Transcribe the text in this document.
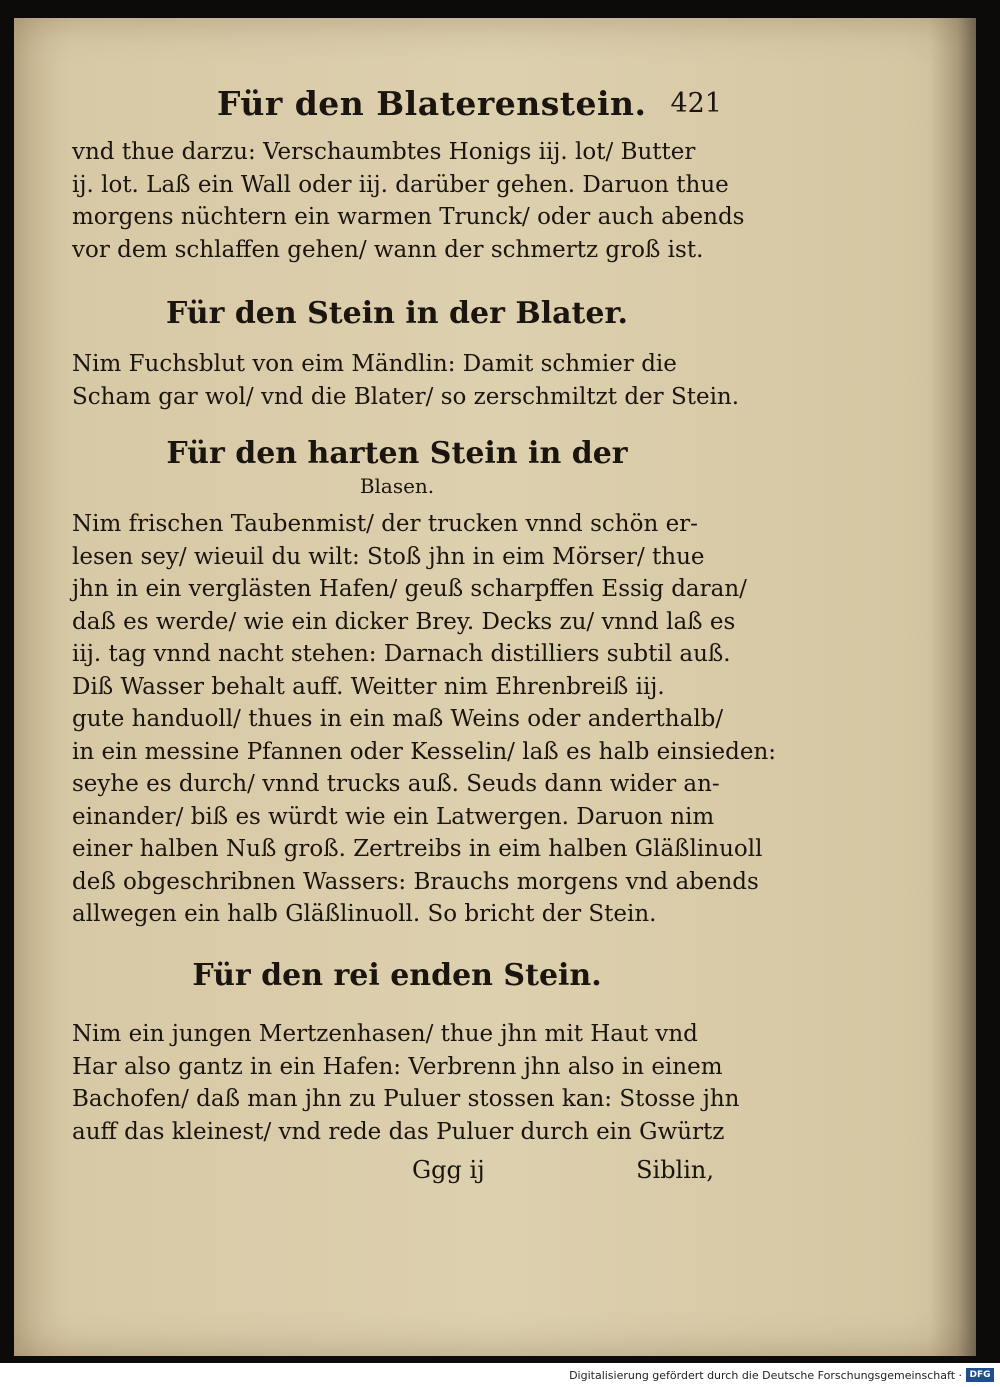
Für den Blaterenstein. 421
vnd thue darzu: Verschaumbtes Honigs iij. lot/ Butter
ij. lot. Laß ein Wall oder iij. darüber gehen. Daruon thue
morgens nüchtern ein warmen Trunck/ oder auch abends
vor dem schlaffen gehen/ wann der schmertz groß ist.
Für den Stein in der Blater.
Nim Fuchsblut von eim Mändlin: Damit schmier die
Scham gar wol/ vnd die Blater/ so zerschmiltzt der Stein.
Für den harten Stein in der
Blasen.
Nim frischen Taubenmist/ der trucken vnnd schön er-
lesen sey/ wieuil du wilt: Stoß jhn in eim Mörser/ thue
jhn in ein verglästen Hafen/ geuß scharpffen Essig daran/
daß es werde/ wie ein dicker Brey. Decks zu/ vnnd laß es
iij. tag vnnd nacht stehen: Darnach distilliers subtil auß.
Diß Wasser behalt auff. Weitter nim Ehrenbreiß iij.
gute handuoll/ thues in ein maß Weins oder anderthalb/
in ein messine Pfannen oder Kesselin/ laß es halb einsieden:
seyhe es durch/ vnnd trucks auß. Seuds dann wider an-
einander/ biß es würdt wie ein Latwergen. Daruon nim
einer halben Nuß groß. Zertreibs in eim halben Gläßlinuoll
deß obgeschribnen Wassers: Brauchs morgens vnd abends
allwegen ein halb Gläßlinuoll. So bricht der Stein.
Für den rei enden Stein.
Nim ein jungen Mertzenhasen/ thue jhn mit Haut vnd
Har also gantz in ein Hafen: Verbrenn jhn also in einem
Bachofen/ daß man jhn zu Puluer stossen kan: Stosse jhn
auff das kleinest/ vnd rede das Puluer durch ein Gwürtz
Ggg ij	Siblin,
Digitalisierung gefördert durch die Deutsche Forschungsgemeinschaft · DFG
